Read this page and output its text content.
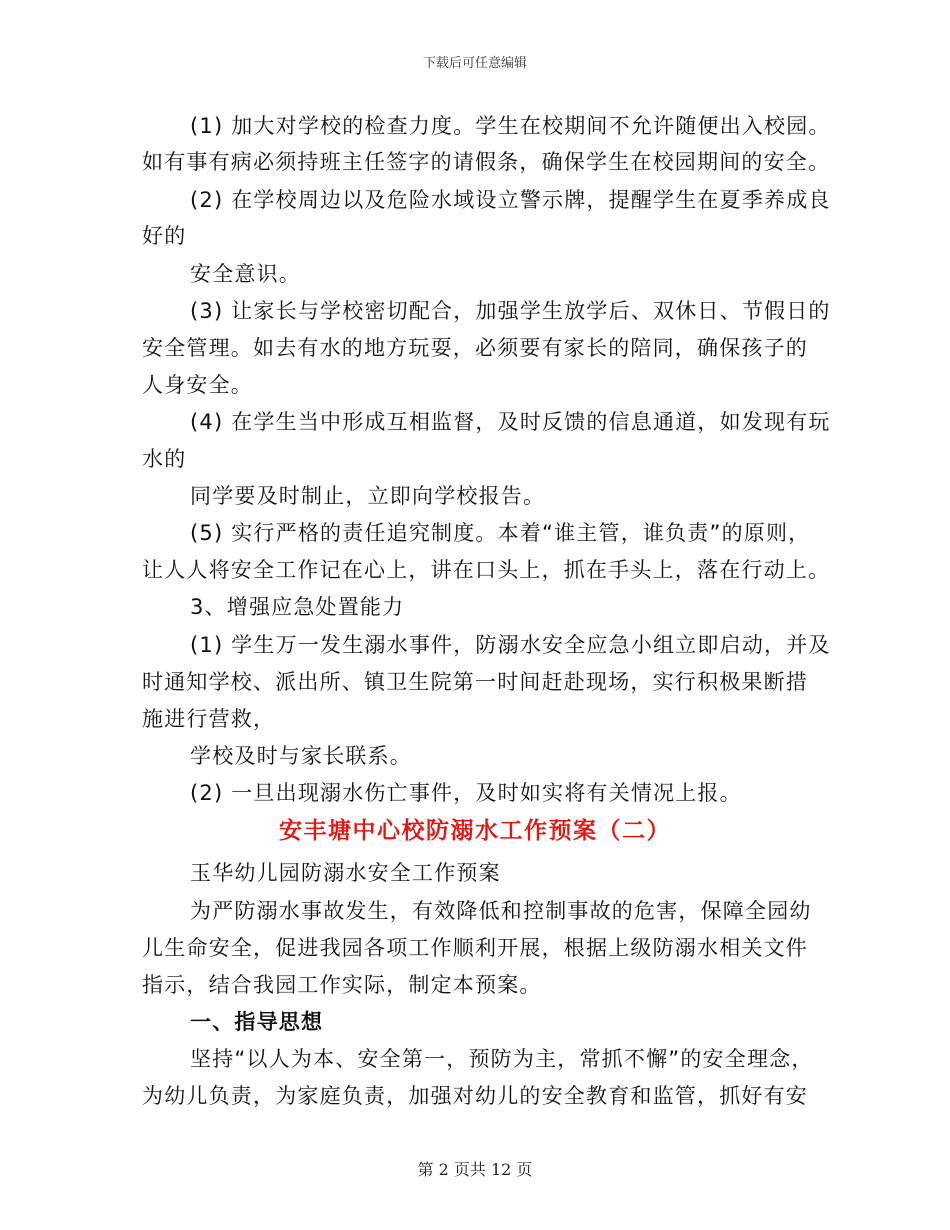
下载后可任意编辑
(1) 加大对学校的检查力度。学生在校期间不允许随便出入校园。
如有事有病必须持班主任签字的请假条，确保学生在校园期间的安全。
(2) 在学校周边以及危险水域设立警示牌，提醒学生在夏季养成良
好的
安全意识。
(3) 让家长与学校密切配合，加强学生放学后、双休日、节假日的
安全管理。如去有水的地方玩耍，必须要有家长的陪同，确保孩子的
人身安全。
(4) 在学生当中形成互相监督，及时反馈的信息通道，如发现有玩
水的
同学要及时制止，立即向学校报告。
(5) 实行严格的责任追究制度。本着“谁主管，谁负责”的原则，
让人人将安全工作记在心上，讲在口头上，抓在手头上，落在行动上。
3、增强应急处置能力
(1) 学生万一发生溺水事件，防溺水安全应急小组立即启动，并及
时通知学校、派出所、镇卫生院第一时间赶赴现场，实行积极果断措
施进行营救，
学校及时与家长联系。
(2) 一旦出现溺水伤亡事件，及时如实将有关情况上报。
安丰塘中心校防溺水工作预案（二）
玉华幼儿园防溺水安全工作预案
为严防溺水事故发生，有效降低和控制事故的危害，保障全园幼
儿生命安全，促进我园各项工作顺利开展，根据上级防溺水相关文件
指示，结合我园工作实际，制定本预案。
一、指导思想
坚持“以人为本、安全第一，预防为主，常抓不懈”的安全理念，
为幼儿负责，为家庭负责，加强对幼儿的安全教育和监管，抓好有安
第 2 页共 12 页
